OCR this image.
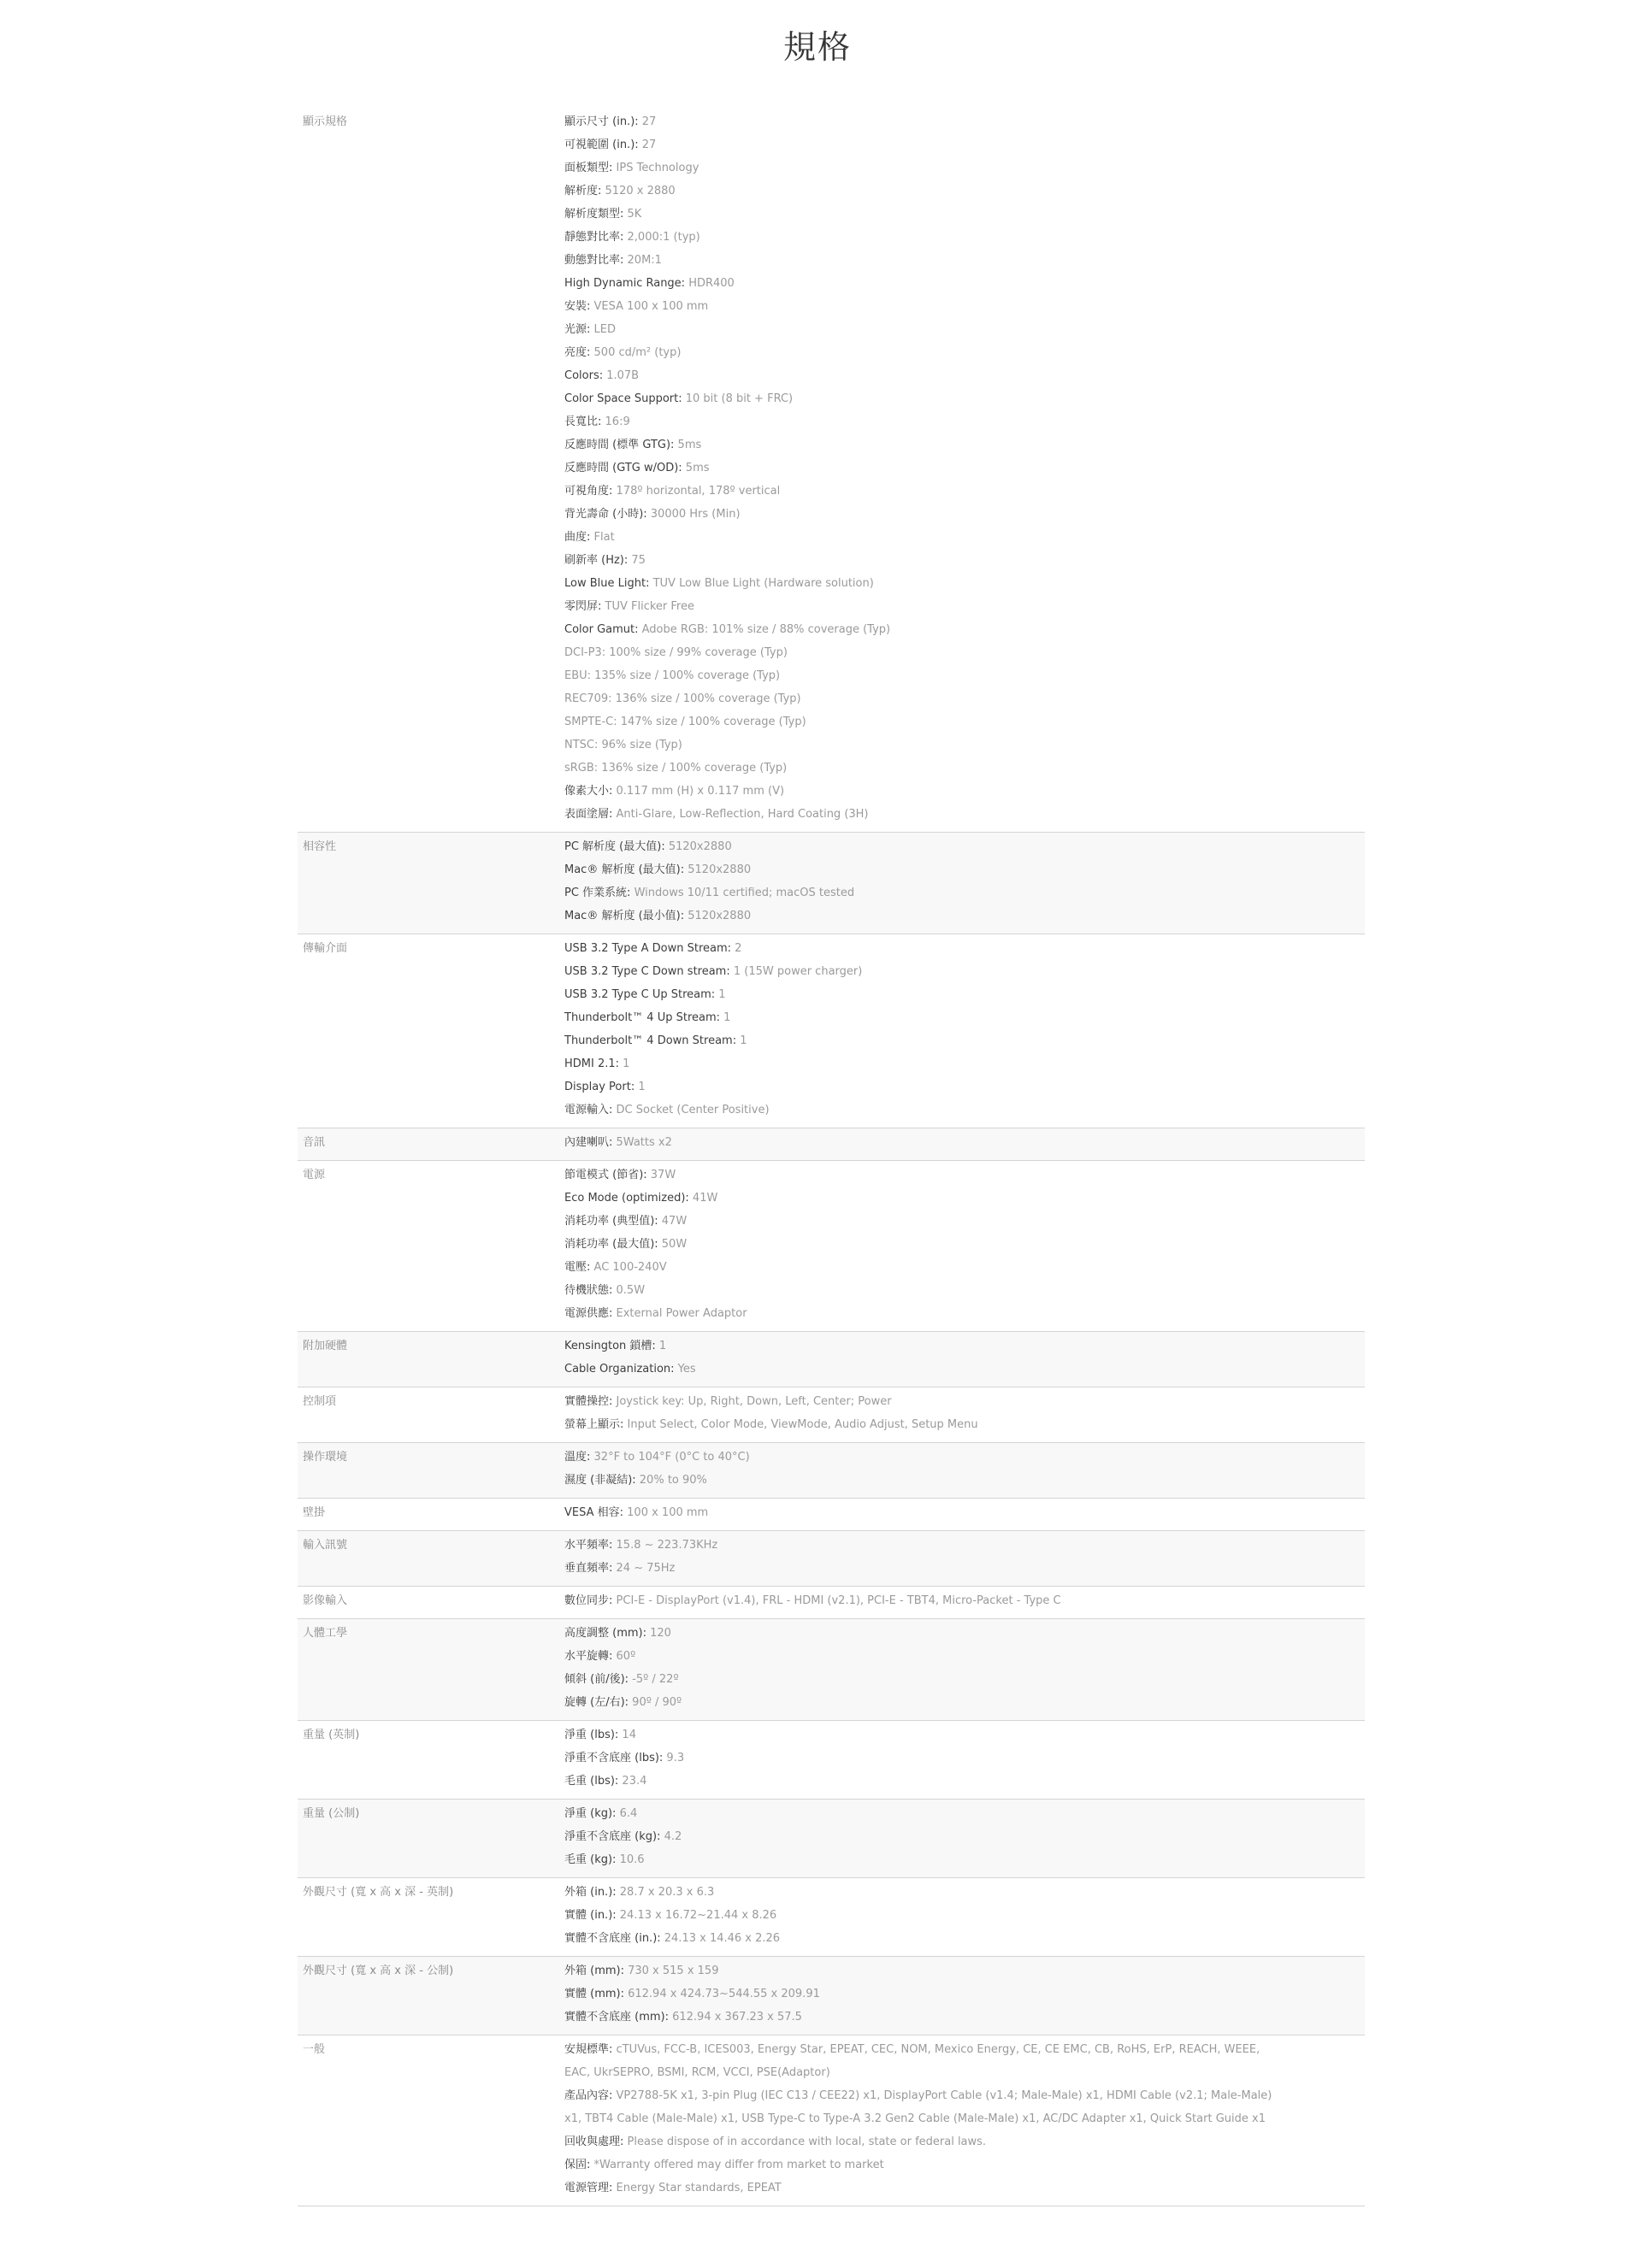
規格
顯示規格	顯示尺寸 (in.): 27
可視範圍 (in.): 27
面板類型: IPS Technology
解析度: 5120 x 2880
解析度類型: 5K
靜態對比率: 2,000:1 (typ)
動態對比率: 20M:1
High Dynamic Range: HDR400
安裝: VESA 100 x 100 mm
光源: LED
亮度: 500 cd/m² (typ)
Colors: 1.07B
Color Space Support: 10 bit (8 bit + FRC)
長寬比: 16:9
反應時間 (標準 GTG): 5ms
反應時間 (GTG w/OD): 5ms
可視角度: 178º horizontal, 178º vertical
背光壽命 (小時): 30000 Hrs (Min)
曲度: Flat
刷新率 (Hz): 75
Low Blue Light: TUV Low Blue Light (Hardware solution)
零閃屏: TUV Flicker Free
Color Gamut: Adobe RGB: 101% size / 88% coverage (Typ)
DCI-P3: 100% size / 99% coverage (Typ)
EBU: 135% size / 100% coverage (Typ)
REC709: 136% size / 100% coverage (Typ)
SMPTE-C: 147% size / 100% coverage (Typ)
NTSC: 96% size (Typ)
sRGB: 136% size / 100% coverage (Typ)
像素大小: 0.117 mm (H) x 0.117 mm (V)
表面塗層: Anti-Glare, Low-Reflection, Hard Coating (3H)
相容性	PC 解析度 (最大值): 5120x2880
Mac® 解析度 (最大值): 5120x2880
PC 作業系統: Windows 10/11 certified; macOS tested
Mac® 解析度 (最小值): 5120x2880
傳輸介面	USB 3.2 Type A Down Stream: 2
USB 3.2 Type C Down stream: 1 (15W power charger)
USB 3.2 Type C Up Stream: 1
Thunderbolt™ 4 Up Stream: 1
Thunderbolt™ 4 Down Stream: 1
HDMI 2.1: 1
Display Port: 1
電源輸入: DC Socket (Center Positive)
音訊	內建喇叭: 5Watts x2
電源	節電模式 (節省): 37W
Eco Mode (optimized): 41W
消耗功率 (典型值): 47W
消耗功率 (最大值): 50W
電壓: AC 100-240V
待機狀態: 0.5W
電源供應: External Power Adaptor
附加硬體	Kensington 鎖槽: 1
Cable Organization: Yes
控制項	實體操控: Joystick key: Up, Right, Down, Left, Center; Power
螢幕上顯示: Input Select, Color Mode, ViewMode, Audio Adjust, Setup Menu
操作環境	溫度: 32°F to 104°F (0°C to 40°C)
濕度 (非凝結): 20% to 90%
壁掛	VESA 相容: 100 x 100 mm
輸入訊號	水平頻率: 15.8 ~ 223.73KHz
垂直頻率: 24 ~ 75Hz
影像輸入	數位同步: PCI-E - DisplayPort (v1.4), FRL - HDMI (v2.1), PCI-E - TBT4, Micro-Packet - Type C
人體工學	高度調整 (mm): 120
水平旋轉: 60º
傾斜 (前/後): -5º / 22º
旋轉 (左/右): 90º / 90º
重量 (英制)	淨重 (lbs): 14
淨重不含底座 (lbs): 9.3
毛重 (lbs): 23.4
重量 (公制)	淨重 (kg): 6.4
淨重不含底座 (kg): 4.2
毛重 (kg): 10.6
外觀尺寸 (寬 x 高 x 深 - 英制)	外箱 (in.): 28.7 x 20.3 x 6.3
實體 (in.): 24.13 x 16.72~21.44 x 8.26
實體不含底座 (in.): 24.13 x 14.46 x 2.26
外觀尺寸 (寬 x 高 x 深 - 公制)	外箱 (mm): 730 x 515 x 159
實體 (mm): 612.94 x 424.73~544.55 x 209.91
實體不含底座 (mm): 612.94 x 367.23 x 57.5
一般	安規標準: cTUVus, FCC-B, ICES003, Energy Star, EPEAT, CEC, NOM, Mexico Energy, CE, CE EMC, CB, RoHS, ErP, REACH, WEEE,
EAC, UkrSEPRO, BSMI, RCM, VCCI, PSE(Adaptor)
產品內容: VP2788-5K x1, 3-pin Plug (IEC C13 / CEE22) x1, DisplayPort Cable (v1.4; Male-Male) x1, HDMI Cable (v2.1; Male-Male)
x1, TBT4 Cable (Male-Male) x1, USB Type-C to Type-A 3.2 Gen2 Cable (Male-Male) x1, AC/DC Adapter x1, Quick Start Guide x1
回收與處理: Please dispose of in accordance with local, state or federal laws.
保固: *Warranty offered may differ from market to market
電源管理: Energy Star standards, EPEAT
